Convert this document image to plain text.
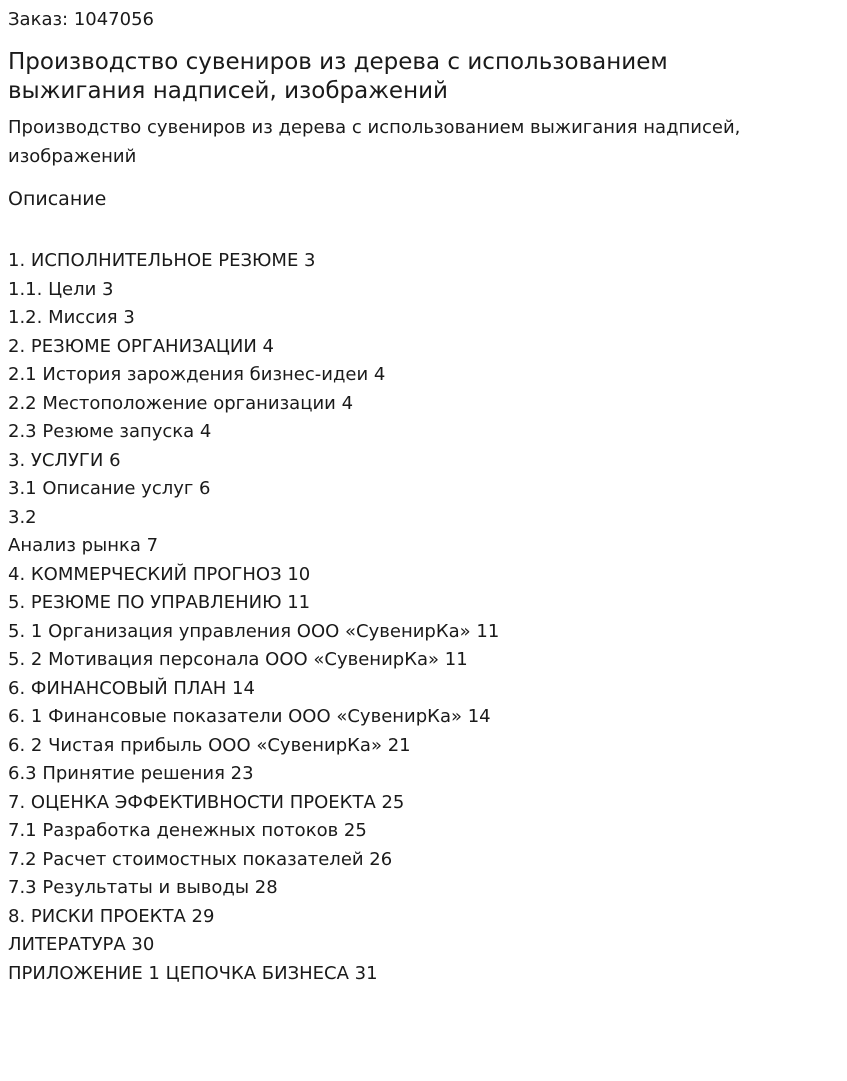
Заказ: 1047056

Производство сувениров из дерева с использованием выжигания надписей, изображений

Производство сувениров из дерева с использованием выжигания надписей, изображений

Описание

1. ИСПОЛНИТЕЛЬНОЕ РЕЗЮМЕ 3
1.1. Цели 3
1.2. Миссия 3
2. РЕЗЮМЕ ОРГАНИЗАЦИИ 4
2.1 История зарождения бизнес-идеи 4
2.2 Местоположение организации 4
2.3 Резюме запуска 4
3. УСЛУГИ 6
3.1 Описание услуг 6
3.2
Анализ рынка 7
4. КОММЕРЧЕСКИЙ ПРОГНОЗ 10
5. РЕЗЮМЕ ПО УПРАВЛЕНИЮ 11
5. 1 Организация управления ООО «СувенирКа» 11
5. 2 Мотивация персонала ООО «СувенирКа» 11
6. ФИНАНСОВЫЙ ПЛАН 14
6. 1 Финансовые показатели ООО «СувенирКа» 14
6. 2 Чистая прибыль ООО «СувенирКа» 21
6.3 Принятие решения 23
7. ОЦЕНКА ЭФФЕКТИВНОСТИ ПРОЕКТА 25
7.1 Разработка денежных потоков 25
7.2 Расчет стоимостных показателей 26
7.3 Результаты и выводы 28
8. РИСКИ ПРОЕКТА 29
ЛИТЕРАТУРА 30
ПРИЛОЖЕНИЕ 1 ЦЕПОЧКА БИЗНЕСА 31
